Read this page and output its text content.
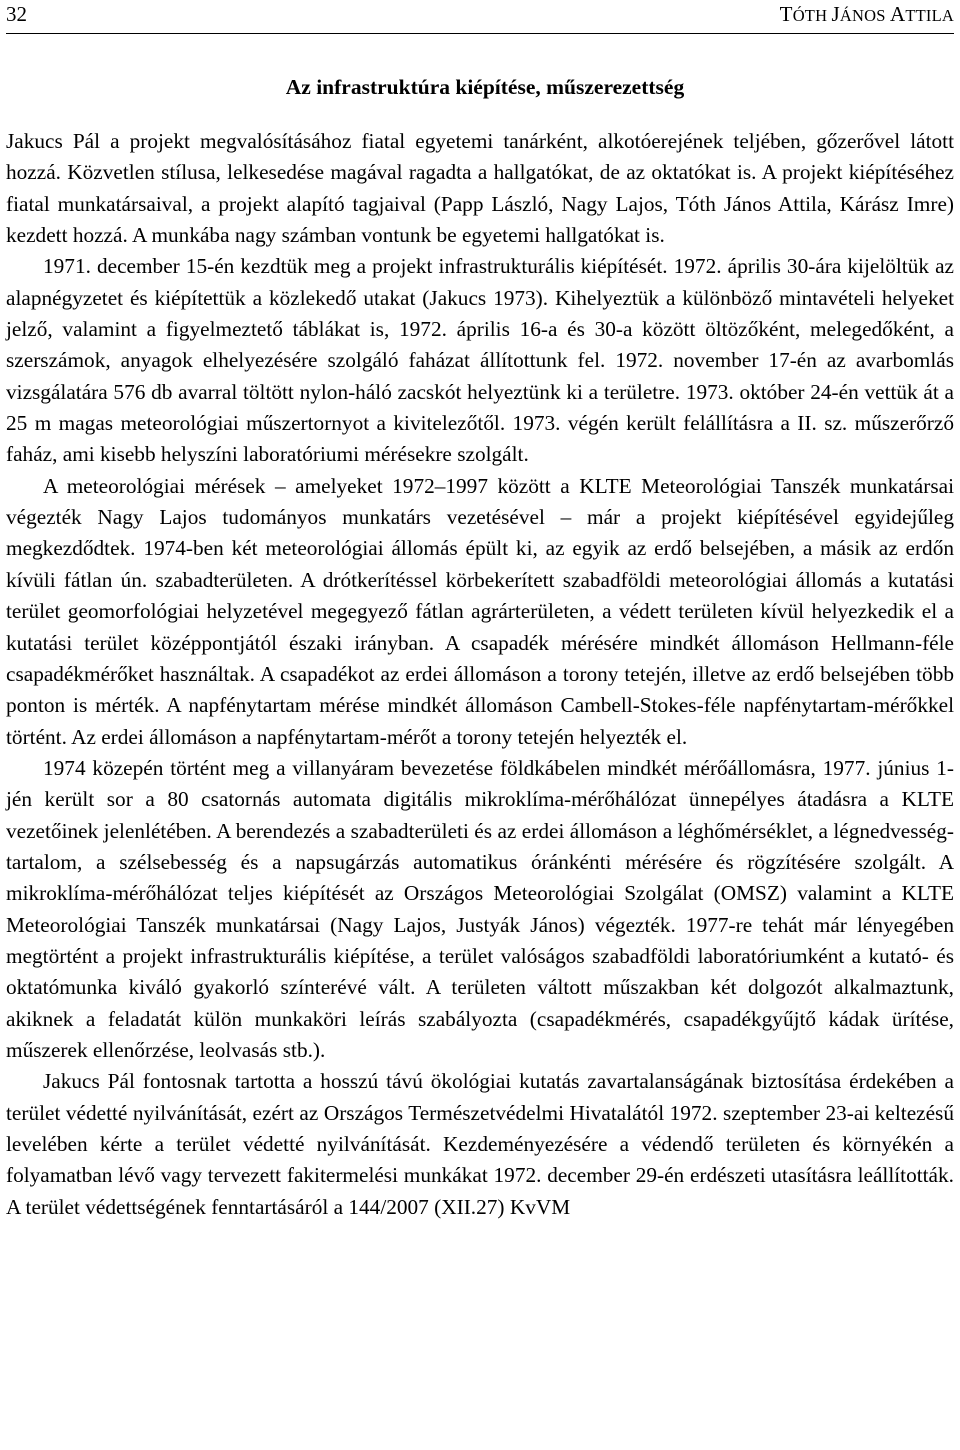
32	TÓTH JÁNOS ATTILA
Az infrastruktúra kiépítése, műszerezettség

Jakucs Pál a projekt megvalósításához fiatal egyetemi tanárként, alkotóerejének teljében, gőzerővel látott hozzá. Közvetlen stílusa, lelkesedése magával ragadta a hallgatókat, de az oktatókat is. A projekt kiépítéséhez fiatal munkatársaival, a projekt alapító tagjaival (Papp László, Nagy Lajos, Tóth János Attila, Kárász Imre) kezdett hozzá. A munkába nagy számban vontunk be egyetemi hallgatókat is.

1971. december 15-én kezdtük meg a projekt infrastrukturális kiépítését. 1972. április 30-ára kijelöltük az alapnégyzetet és kiépítettük a közlekedő utakat (Jakucs 1973). Kihelyeztük a különböző mintavételi helyeket jelző, valamint a figyelmeztető táblákat is, 1972. április 16-a és 30-a között öltözőként, melegedőként, a szerszámok, anyagok elhelyezésére szolgáló faházat állítottunk fel. 1972. november 17-én az avarbomlás vizsgálatára 576 db avarral töltött nylon-háló zacskót helyeztünk ki a területre. 1973. október 24-én vettük át a 25 m magas meteorológiai műszertornyot a kivitelezőtől. 1973. végén került felállításra a II. sz. műszerőrző faház, ami kisebb helyszíni laboratóriumi mérésekre szolgált.

A meteorológiai mérések – amelyeket 1972–1997 között a KLTE Meteorológiai Tanszék munkatársai végezték Nagy Lajos tudományos munkatárs vezetésével – már a projekt kiépítésével egyidejűleg megkezdődtek. 1974-ben két meteorológiai állomás épült ki, az egyik az erdő belsejében, a másik az erdőn kívüli fátlan ún. szabadterületen. A drótkerítéssel körbekerített szabadföldi meteorológiai állomás a kutatási terület geomorfológiai helyzetével megegyező fátlan agrárterületen, a védett területen kívül helyezkedik el a kutatási terület középpontjától északi irányban. A csapadék mérésére mindkét állomáson Hellmann-féle csapadékmérőket használtak. A csapadékot az erdei állomáson a torony tetején, illetve az erdő belsejében több ponton is mérték. A napfénytartam mérése mindkét állomáson Cambell-Stokes-féle napfénytartam-mérőkkel történt. Az erdei állomáson a napfénytartam-mérőt a torony tetején helyezték el.

1974 közepén történt meg a villanyáram bevezetése földkábelen mindkét mérőállomásra, 1977. június 1-jén került sor a 80 csatornás automata digitális mikroklíma-mérőhálózat ünnepélyes átadásra a KLTE vezetőinek jelenlétében. A berendezés a szabadterületi és az erdei állomáson a léghőmérséklet, a légnedvesség-tartalom, a szélsebesség és a napsugárzás automatikus óránkénti mérésére és rögzítésére szolgált. A mikroklíma-mérőhálózat teljes kiépítését az Országos Meteorológiai Szolgálat (OMSZ) valamint a KLTE Meteorológiai Tanszék munkatársai (Nagy Lajos, Justyák János) végezték. 1977-re tehát már lényegében megtörtént a projekt infrastrukturális kiépítése, a terület valóságos szabadföldi laboratóriumként a kutató- és oktatómunka kiváló gyakorló színterévé vált. A területen váltott műszakban két dolgozót alkalmaztunk, akiknek a feladatát külön munkaköri leírás szabályozta (csapadékmérés, csapadékgyűjtő kádak ürítése, műszerek ellenőrzése, leolvasás stb.).

Jakucs Pál fontosnak tartotta a hosszú távú ökológiai kutatás zavartalanságának biztosítása érdekében a terület védetté nyilvánítását, ezért az Országos Természetvédelmi Hivatalától 1972. szeptember 23-ai keltezésű levelében kérte a terület védetté nyilvánítását. Kezdeményezésére a védendő területen és környékén a folyamatban lévő vagy tervezett fakitermelési munkákat 1972. december 29-én erdészeti utasításra leállították. A terület védettségének fenntartásáról a 144/2007 (XII.27) KvVM
